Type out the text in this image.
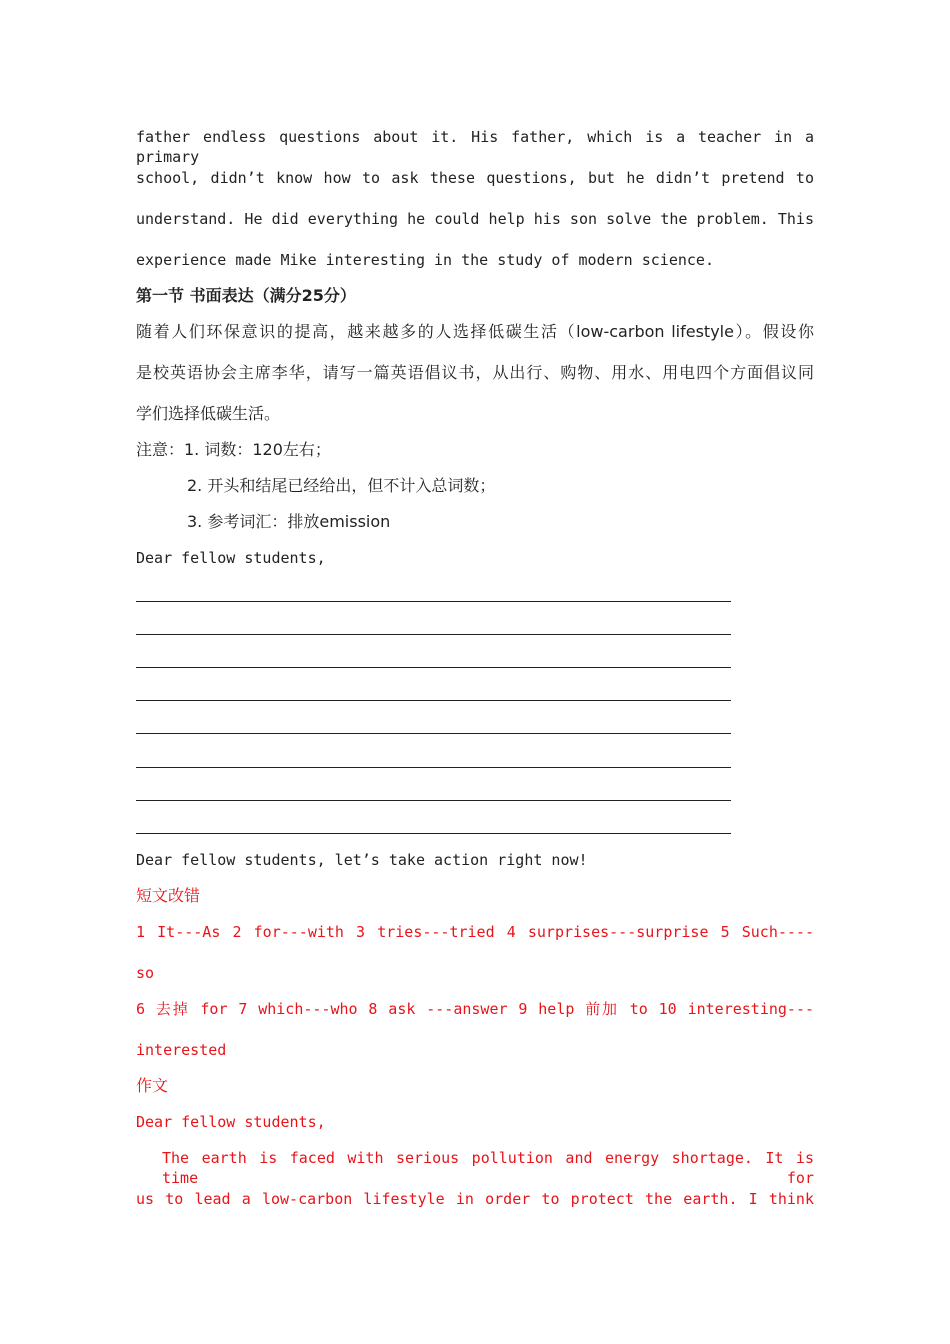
father endless questions about it. His father, which is a teacher in a primary
school, didn’t know how to ask these questions, but he didn’t pretend to
understand. He did everything he could help his son solve the problem. This
experience made Mike interesting in the study of modern science.
第一节 书面表达（满分25分）
随着人们环保意识的提高，越来越多的人选择低碳生活（low-carbon lifestyle）。假设你
是校英语协会主席李华，请写一篇英语倡议书，从出行、购物、用水、用电四个方面倡议同
学们选择低碳生活。
注意：1. 词数：120左右；
2. 开头和结尾已经给出，但不计入总词数；
3. 参考词汇：排放emission
Dear fellow students,
Dear fellow students, let’s take action right now!
短文改错
1 It---As 2 for---with 3 tries---tried 4 surprises---surprise 5 Such----
so
6 去掉 for 7 which---who 8 ask ---answer 9 help 前加 to 10 interesting---
interested
作文
Dear fellow students,
The earth is faced with serious pollution and energy shortage. It is time for
us to lead a low-carbon lifestyle in order to protect the earth. I think
